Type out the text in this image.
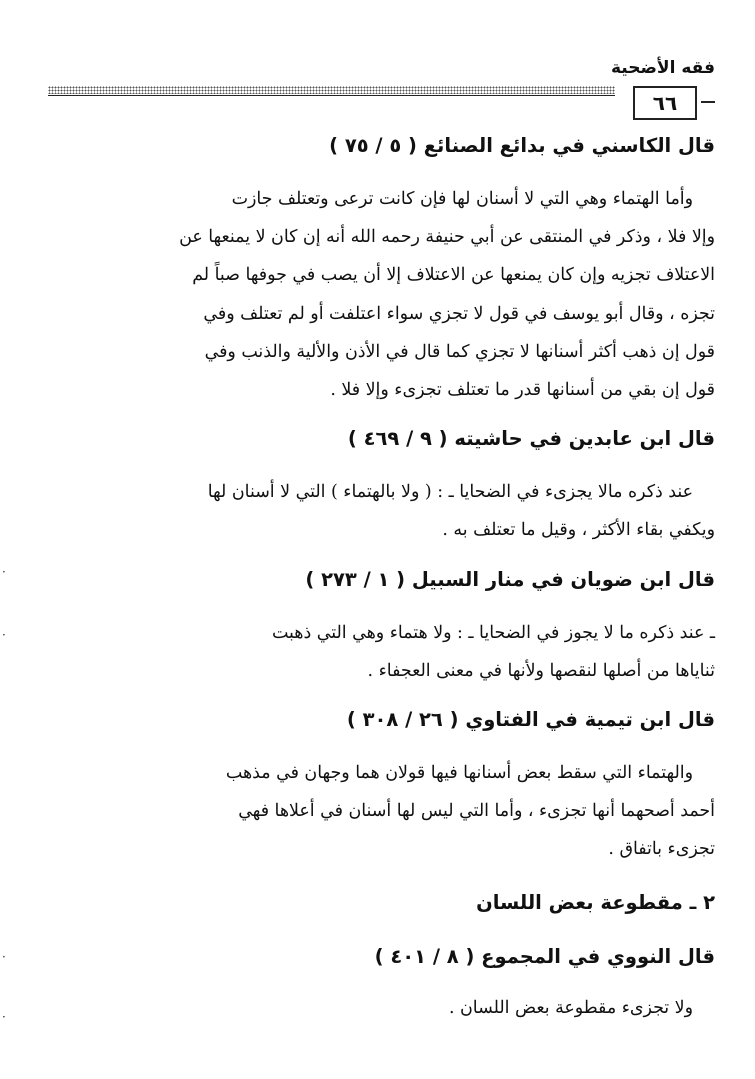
فقه الأضحية
٦٦
·
·
·
·
قال الكاسني في بدائع الصنائع ( ٥ / ٧٥ )
وأما الهتماء وهي التي لا أسنان لها فإن كانت ترعى وتعتلف جازت
وإلا فلا ، وذكر في المنتقى عن أبي حنيفة رحمه الله أنه إن كان لا يمنعها عن
الاعتلاف تجزيه وإن كان يمنعها عن الاعتلاف إلا أن يصب في جوفها صباً لم
تجزه ، وقال أبو يوسف في قول لا تجزي سواء اعتلفت أو لم تعتلف وفي
قول إن ذهب أكثر أسنانها لا تجزي كما قال في الأذن والألية والذنب وفي
قول إن بقي من أسنانها قدر ما تعتلف تجزىء وإلا فلا .
قال ابن عابدين في حاشيته ( ٩ / ٤٦٩ )
عند ذكره مالا يجزىء في الضحايا ـ : ( ولا بالهتماء ) التي لا أسنان لها
ويكفي بقاء الأكثر ، وقيل ما تعتلف به .
قال ابن ضويان في منار السبيل ( ١ / ٢٧٣ )
ـ عند ذكره ما لا يجوز في الضحايا ـ : ولا هتماء وهي التي ذهبت
ثناياها من أصلها لنقصها ولأنها في معنى العجفاء .
قال ابن تيمية في الفتاوي ( ٢٦ / ٣٠٨ )
والهتماء التي سقط بعض أسنانها فيها قولان هما وجهان في مذهب
أحمد أصحهما أنها تجزىء ، وأما التي ليس لها أسنان في أعلاها فهي
تجزىء باتفاق .
٢ ـ مقطوعة بعض اللسان
قال النووي في المجموع ( ٨ / ٤٠١ )
ولا تجزىء مقطوعة بعض اللسان .
